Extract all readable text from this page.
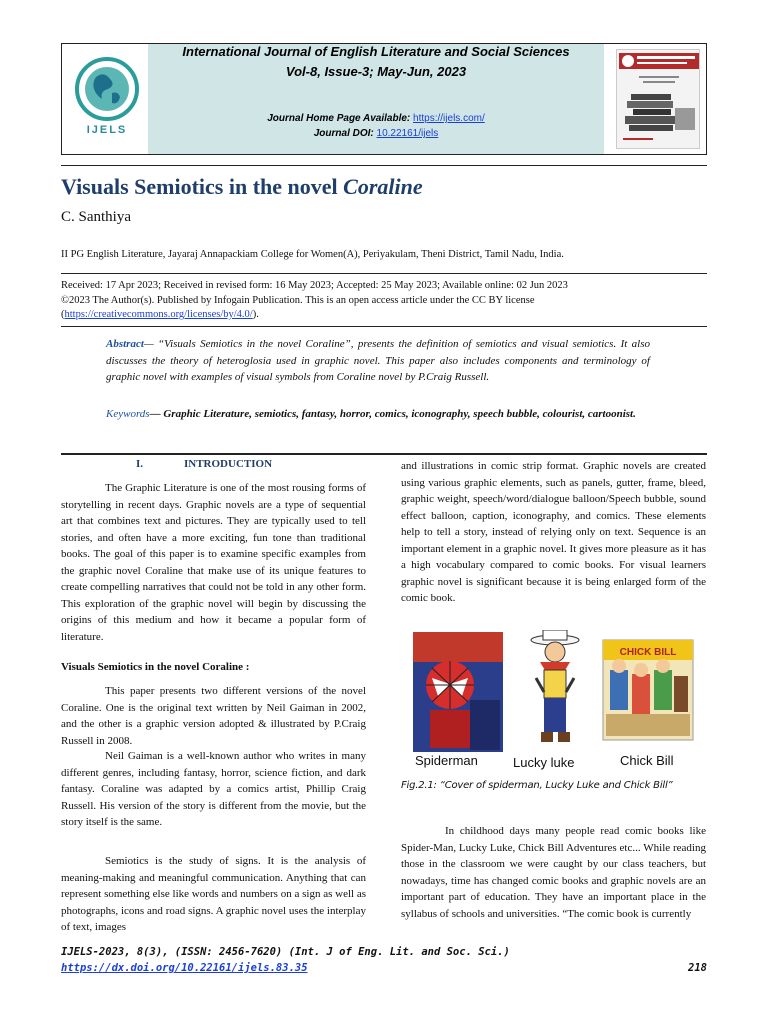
IJELS
International Journal of English Literature and Social Sciences
Vol-8, Issue-3; May-Jun, 2023
Journal Home Page Available: https://ijels.com/
Journal DOI: 10.22161/ijels
Visuals Semiotics in the novel Coraline
C. Santhiya
II PG English Literature, Jayaraj Annapackiam College for Women(A), Periyakulam, Theni District, Tamil Nadu, India.
Received: 17 Apr 2023; Received in revised form: 16 May 2023; Accepted: 25 May 2023; Available online: 02 Jun 2023
©2023 The Author(s). Published by Infogain Publication. This is an open access article under the CC BY license
(https://creativecommons.org/licenses/by/4.0/).
Abstract— “Visuals Semiotics in the novel Coraline”, presents the definition of semiotics and visual semiotics. It also discusses the theory of heteroglosia used in graphic novel. This paper also includes components and terminology of graphic novel with examples of visual symbols from Coraline novel by P.Craig Russell.
Keywords— Graphic Literature, semiotics, fantasy, horror, comics, iconography, speech bubble, colourist, cartoonist.
I.	INTRODUCTION

The Graphic Literature is one of the most rousing forms of storytelling in recent days. Graphic novels are a type of sequential art that combines text and pictures. They are typically used to tell stories, and often have a more exciting, fun tone than traditional books. The goal of this paper is to examine specific examples from the graphic novel Coraline that make use of its unique features to create compelling narratives that could not be told in any other form. This exploration of the graphic novel will begin by discussing the origins of this medium and how it became a popular form of literature.

Visuals Semiotics in the novel Coraline :

This paper presents two different versions of the novel Coraline. One is the original text written by Neil Gaiman in 2002, and the other is a graphic version adopted & illustrated by P.Craig Russell in 2008.

Neil Gaiman is a well-known author who writes in many different genres, including fantasy, horror, science fiction, and dark fantasy. Coraline was adapted by a comics artist, Phillip Craig Russell. His version of the story is different from the movie, but the story itself is the same.

Semiotics is the study of signs. It is the analysis of meaning-making and meaningful communication. Anything that can represent something else like words and numbers on a sign as well as photographs, icons and road signs. A graphic novel uses the interplay of text, images

and illustrations in comic strip format. Graphic novels are created using various graphic elements, such as panels, gutter, frame, bleed, graphic weight, speech/word/dialogue balloon/Speech bubble, sound effect balloon, caption, iconography, and comics. These elements help to tell a story, instead of relying only on text. Sequence is an important element in a graphic novel. It gives more pleasure as it has a high vocabulary compared to comic books. For visual learners graphic novel is significant because it is being enlarged form of the comic book.

CHICK BILL
Spiderman	Lucky luke	Chick Bill
Fig.2.1: “Cover of spiderman, Lucky Luke and Chick Bill”

In childhood days many people read comic books like Spider-Man, Lucky Luke, Chick Bill Adventures etc... While reading those in the classroom we were caught by our class teachers, but nowadays, time has changed comic books and graphic novels are an important part of education. They have an important place in the syllabus of schools and universities. “The comic book is currently

IJELS-2023, 8(3), (ISSN: 2456-7620) (Int. J of Eng. Lit. and Soc. Sci.)
https://dx.doi.org/10.22161/ijels.83.35	218
